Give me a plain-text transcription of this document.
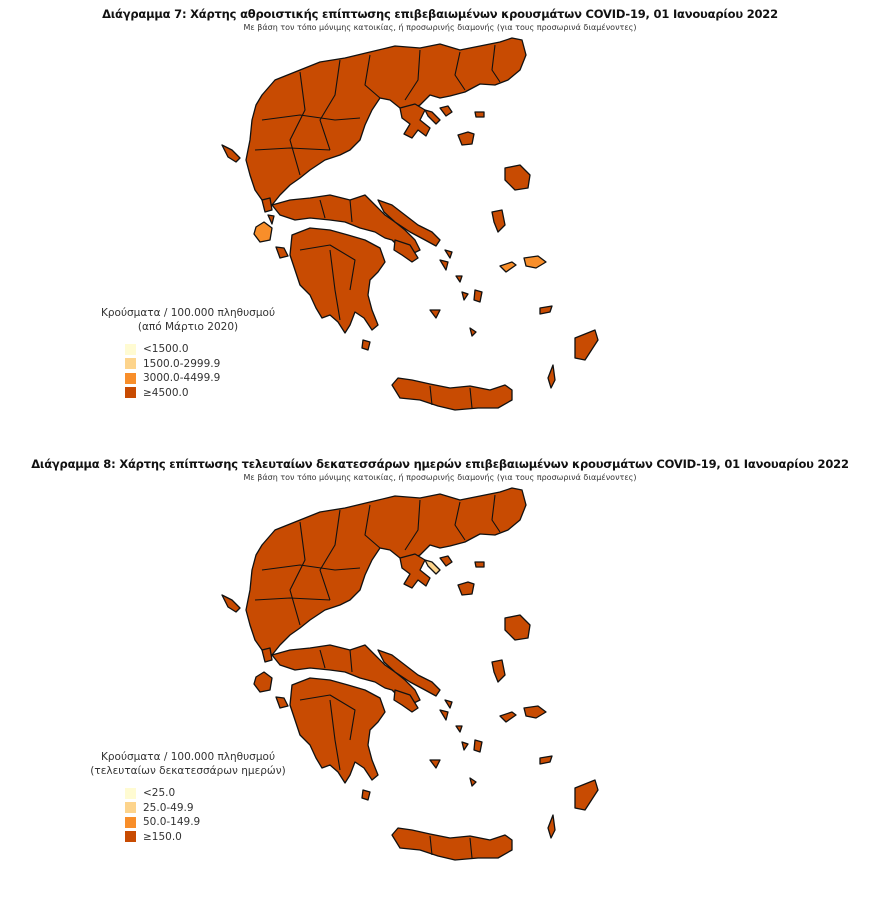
Διάγραμμα 7: Χάρτης αθροιστικής επίπτωσης επιβεβαιωμένων κρουσμάτων COVID-19, 01 Ιανουαρίου 2022
Με βάση τον τόπο μόνιμης κατοικίας, ή προσωρινής διαμονής (για τους προσωρινά διαμένοντες)
Κρούσματα / 100.000 πληθυσμού
(από Μάρτιο 2020)
<1500.0
1500.0-2999.9
3000.0-4499.9
≥4500.0
Διάγραμμα 8: Χάρτης επίπτωσης τελευταίων δεκατεσσάρων ημερών επιβεβαιωμένων κρουσμάτων COVID-19, 01 Ιανουαρίου 2022
Με βάση τον τόπο μόνιμης κατοικίας, ή προσωρινής διαμονής (για τους προσωρινά διαμένοντες)
Κρούσματα / 100.000 πληθυσμού
(τελευταίων δεκατεσσάρων ημερών)
<25.0
25.0-49.9
50.0-149.9
≥150.0
